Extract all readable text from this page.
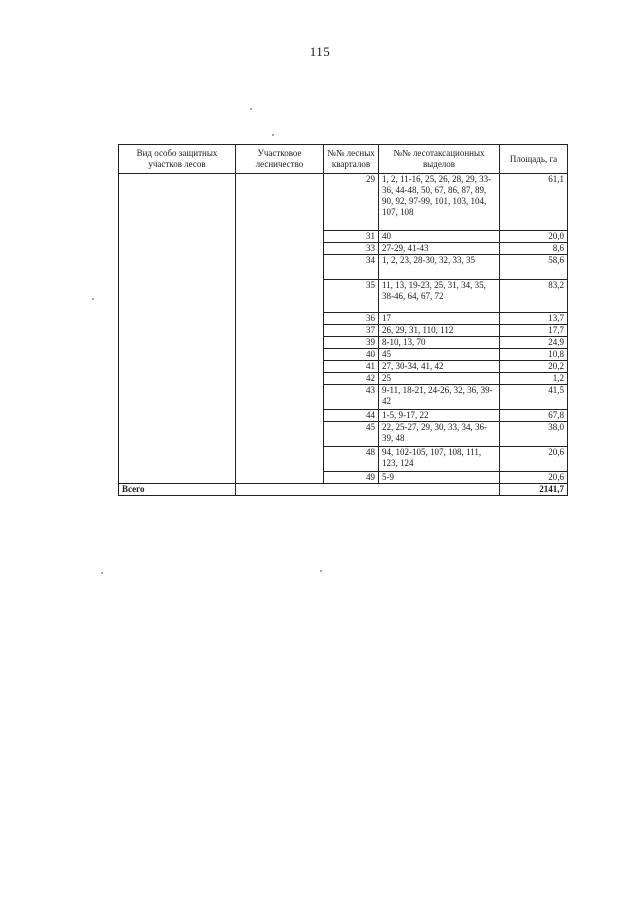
115
Вид особо защитных участков лесов	Участковое лесничество	№№ лесных кварталов	№№ лесотаксационных выделов	Площадь, га
		29	1, 2, 11-16, 25, 26, 28, 29, 33-36, 44-48, 50, 67, 86, 87, 89, 90, 92, 97-99, 101, 103, 104, 107, 108	61,1
		31	40	20,0
		33	27-29, 41-43	8,6
		34	1, 2, 23, 28-30, 32, 33, 35	58,6
		35	11, 13, 19-23, 25, 31, 34, 35, 38-46, 64, 67, 72	83,2
		36	17	13,7
		37	26, 29, 31, 110, 112	17,7
		39	8-10, 13, 70	24,9
		40	45	10,8
		41	27, 30-34, 41, 42	20,2
		42	25	1,2
		43	9-11, 18-21, 24-26, 32, 36, 39-42	41,5
		44	1-5, 9-17, 22	67,8
		45	22, 25-27, 29, 30, 33, 34, 36-39, 48	38,0
		48	94, 102-105, 107, 108, 111, 123, 124	20,6
		49	5-9	20,6
Всего				2141,7
